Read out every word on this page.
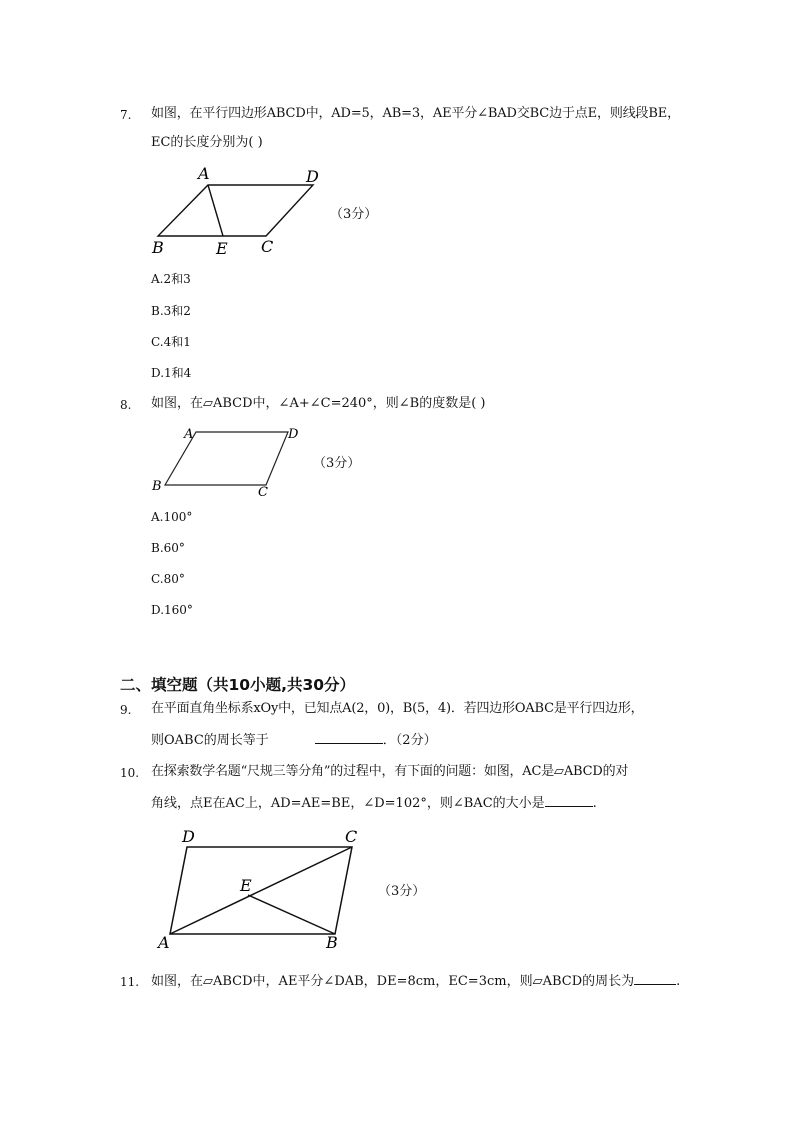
7. 如图，在平行四边形ABCD中，AD=5，AB=3，AE平分∠BAD交BC边于点E，则线段BE，
EC的长度分别为( )
A	D
B	E C
（3分）
A.2和3
B.3和2
C.4和1
D.1和4
8. 如图，在▱ABCD中，∠A+∠C=240°，则∠B的度数是( )
A	D
B	C
（3分）
A.100°
B.60°
C.80°
D.160°
二、填空题（共10小题,共30分）
9. 在平面直角坐标系xOy中，已知点A(2，0)，B(5，4)．若四边形OABC是平行四边形，
则OABC的周长等于	．（2分）
10. 在探索数学名题“尺规三等分角”的过程中，有下面的问题：如图，AC是▱ABCD的对
角线，点E在AC上，AD=AE=BE，∠D=102°，则∠BAC的大小是	.
D	C
E
A	B
（3分）
11. 如图，在▱ABCD中，AE平分∠DAB，DE=8cm，EC=3cm，则▱ABCD的周长为	.
